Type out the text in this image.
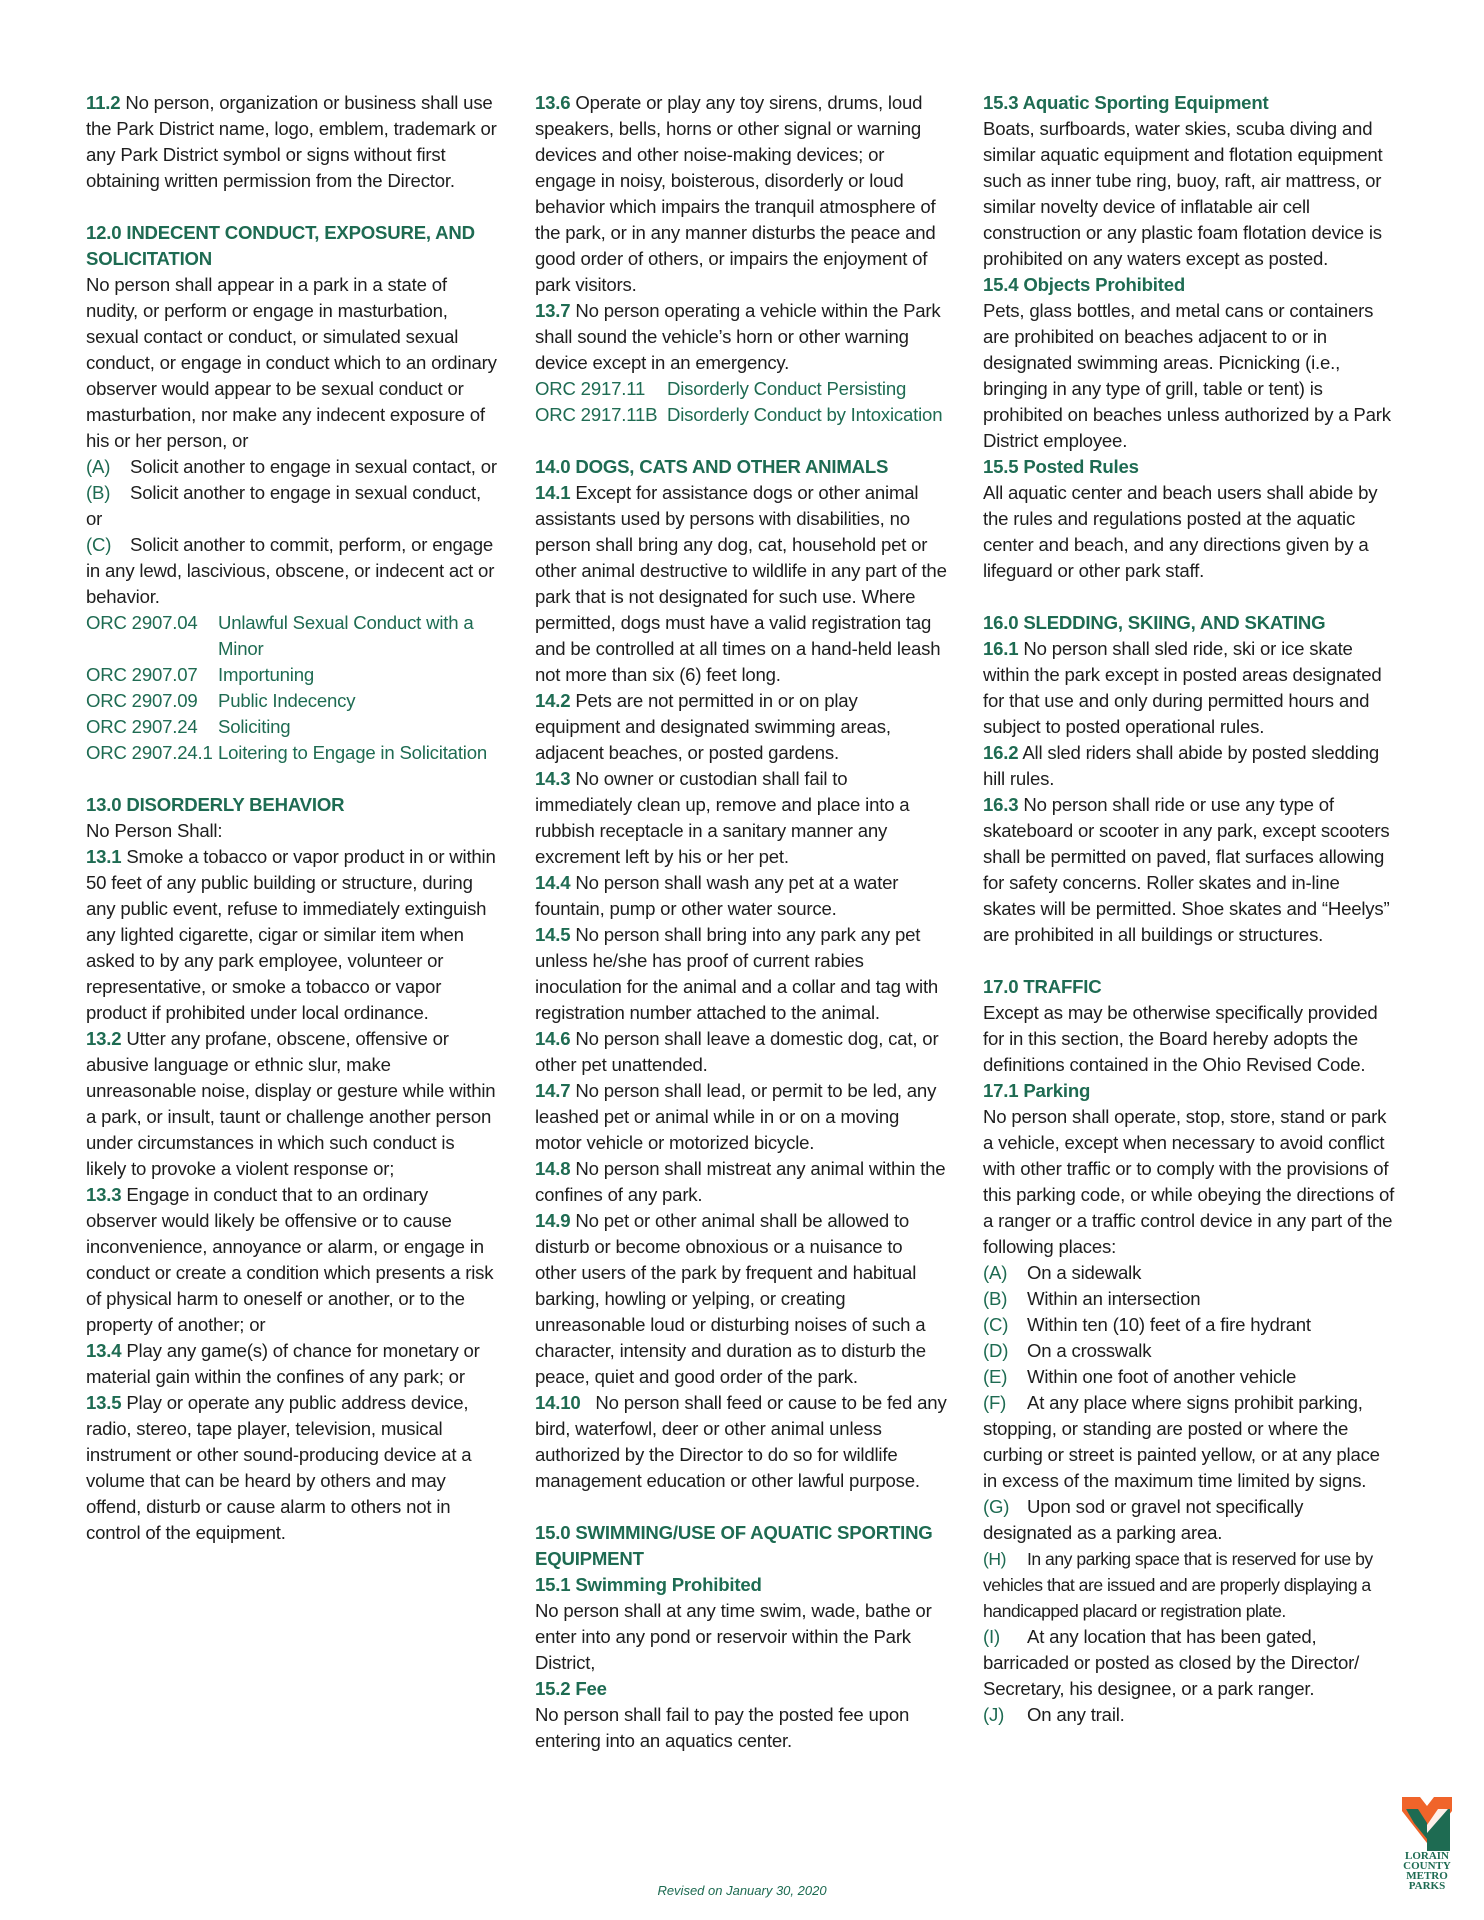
11.2 No person, organization or business shall use the Park District name, logo, emblem, trademark or any Park District symbol or signs without first obtaining written permission from the Director.

12.0 INDECENT CONDUCT, EXPOSURE, AND SOLICITATION

No person shall appear in a park in a state of nudity, or perform or engage in masturbation, sexual contact or conduct, or simulated sexual conduct, or engage in conduct which to an ordinary observer would appear to be sexual conduct or masturbation, nor make any indecent exposure of his or her person, or

(A) Solicit another to engage in sexual contact, or
(B) Solicit another to engage in sexual conduct, or
(C) Solicit another to commit, perform, or engage in any lewd, lascivious, obscene, or indecent act or behavior.
ORC 2907.04	Unlawful Sexual Conduct with a Minor
ORC 2907.07	Importuning
ORC 2907.09	Public Indecency
ORC 2907.24	Soliciting
ORC 2907.24.1 Loitering to Engage in Solicitation
13.0 DISORDERLY BEHAVIOR
No Person Shall:

13.1 Smoke a tobacco or vapor product in or within 50 feet of any public building or structure, during any public event, refuse to immediately extinguish any lighted cigarette, cigar or similar item when asked to by any park employee, volunteer or representative, or smoke a tobacco or vapor product if prohibited under local ordinance.

13.2 Utter any profane, obscene, offensive or abusive language or ethnic slur, make unreasonable noise, display or gesture while within a park, or insult, taunt or challenge another person under circumstances in which such conduct is likely to provoke a violent response or;

13.3 Engage in conduct that to an ordinary observer would likely be offensive or to cause inconvenience, annoyance or alarm, or engage in conduct or create a condition which presents a risk of physical harm to oneself or another, or to the property of another; or

13.4 Play any game(s) of chance for monetary or material gain within the confines of any park; or

13.5 Play or operate any public address device, radio, stereo, tape player, television, musical instrument or other sound-producing device at a volume that can be heard by others and may offend, disturb or cause alarm to others not in control of the equipment.

13.6 Operate or play any toy sirens, drums, loud speakers, bells, horns or other signal or warning devices and other noise-making devices; or engage in noisy, boisterous, disorderly or loud behavior which impairs the tranquil atmosphere of the park, or in any manner disturbs the peace and good order of others, or impairs the enjoyment of park visitors.

13.7 No person operating a vehicle within the Park shall sound the vehicle’s horn or other warning device except in an emergency.

ORC 2917.11	Disorderly Conduct Persisting
ORC 2917.11B Disorderly Conduct by Intoxication
14.0 DOGS, CATS AND OTHER ANIMALS

14.1 Except for assistance dogs or other animal assistants used by persons with disabilities, no person shall bring any dog, cat, household pet or other animal destructive to wildlife in any part of the park that is not designated for such use. Where permitted, dogs must have a valid registration tag and be controlled at all times on a hand-held leash not more than six (6) feet long.

14.2 Pets are not permitted in or on play equipment and designated swimming areas, adjacent beaches, or posted gardens.

14.3 No owner or custodian shall fail to immediately clean up, remove and place into a rubbish receptacle in a sanitary manner any excrement left by his or her pet.

14.4 No person shall wash any pet at a water fountain, pump or other water source.

14.5 No person shall bring into any park any pet unless he/she has proof of current rabies inoculation for the animal and a collar and tag with registration number attached to the animal.

14.6 No person shall leave a domestic dog, cat, or other pet unattended.

14.7 No person shall lead, or permit to be led, any leashed pet or animal while in or on a moving motor vehicle or motorized bicycle.

14.8 No person shall mistreat any animal within the confines of any park.

14.9 No pet or other animal shall be allowed to disturb or become obnoxious or a nuisance to other users of the park by frequent and habitual barking, howling or yelping, or creating unreasonable loud or disturbing noises of such a character, intensity and duration as to disturb the peace, quiet and good order of the park.

14.10   No person shall feed or cause to be fed any bird, waterfowl, deer or other animal unless authorized by the Director to do so for wildlife management education or other lawful purpose.

15.0 SWIMMING/USE OF AQUATIC SPORTING EQUIPMENT
15.1 Swimming Prohibited

No person shall at any time swim, wade, bathe or enter into any pond or reservoir within the Park District,

15.2 Fee

No person shall fail to pay the posted fee upon entering into an aquatics center.

15.3 Aquatic Sporting Equipment

Boats, surfboards, water skies, scuba diving and similar aquatic equipment and flotation equipment such as inner tube ring, buoy, raft, air mattress, or similar novelty device of inflatable air cell construction or any plastic foam flotation device is prohibited on any waters except as posted.

15.4 Objects Prohibited

Pets, glass bottles, and metal cans or containers are prohibited on beaches adjacent to or in designated swimming areas. Picnicking (i.e., bringing in any type of grill, table or tent) is prohibited on beaches unless authorized by a Park District employee.

15.5 Posted Rules

All aquatic center and beach users shall abide by the rules and regulations posted at the aquatic center and beach, and any directions given by a lifeguard or other park staff.

16.0 SLEDDING, SKIING, AND SKATING

16.1 No person shall sled ride, ski or ice skate within the park except in posted areas designated for that use and only during permitted hours and subject to posted operational rules.

16.2 All sled riders shall abide by posted sledding hill rules.

16.3 No person shall ride or use any type of skateboard or scooter in any park, except scooters shall be permitted on paved, flat surfaces allowing for safety concerns. Roller skates and in-line skates will be permitted. Shoe skates and “Heelys” are prohibited in all buildings or structures.

17.0 TRAFFIC

Except as may be otherwise specifically provided for in this section, the Board hereby adopts the definitions contained in the Ohio Revised Code.

17.1 Parking

No person shall operate, stop, store, stand or park a vehicle, except when necessary to avoid conflict with other traffic or to comply with the provisions of this parking code, or while obeying the directions of a ranger or a traffic control device in any part of the following places:

(A) On a sidewalk
(B) Within an intersection
(C) Within ten (10) feet of a fire hydrant
(D) On a crosswalk
(E) Within one foot of another vehicle
(F) At any place where signs prohibit parking, stopping, or standing are posted or where the curbing or street is painted yellow, or at any place in excess of the maximum time limited by signs.
(G) Upon sod or gravel not specifically designated as a parking area.
(H) In any parking space that is reserved for use by vehicles that are issued and are properly displaying a handicapped placard or registration plate.
(I) At any location that has been gated, barricaded or posted as closed by the Director/ Secretary, his designee, or a park ranger.
(J) On any trail.
Revised on January 30, 2020
LORAIN
COUNTY
METRO
PARKS
